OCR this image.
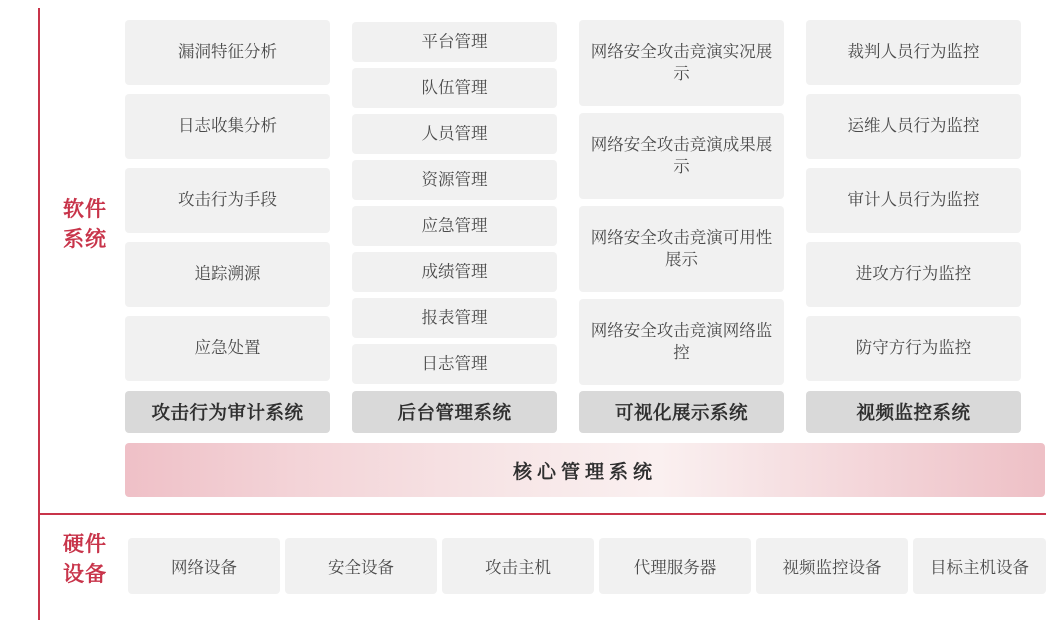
软件
系统
硬件
设备
漏洞特征分析
日志收集分析
攻击行为手段
追踪溯源
应急处置
攻击行为审计系统
平台管理
队伍管理
人员管理
资源管理
应急管理
成绩管理
报表管理
日志管理
后台管理系统
网络安全攻击竞演实况展示
网络安全攻击竞演成果展示
网络安全攻击竞演可用性展示
网络安全攻击竞演网络监控
可视化展示系统
裁判人员行为监控
运维人员行为监控
审计人员行为监控
进攻方行为监控
防守方行为监控
视频监控系统
核心管理系统
网络设备	安全设备	攻击主机	代理服务器	视频监控设备	目标主机设备
